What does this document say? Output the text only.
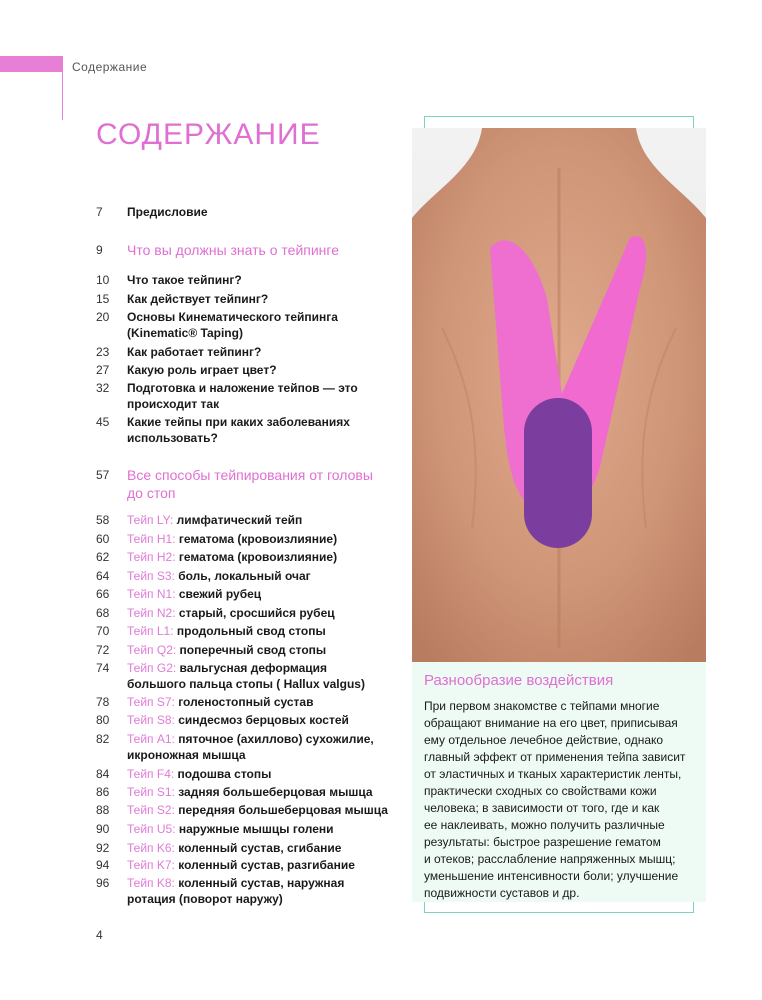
Содержание
СОДЕРЖАНИЕ
7	Предисловие
9	Что вы должны знать о тейпинге
10	Что такое тейпинг?
15	Как действует тейпинг?
20	Основы Кинематического тейпинга (Kinematic® Taping)
23	Как работает тейпинг?
27	Какую роль играет цвет?
32	Подготовка и наложение тейпов — это происходит так
45	Какие тейпы при каких заболеваниях использовать?
57	Все способы тейпирования от головы до стоп
58	Тейп LY: лимфатический тейп
60	Тейп H1: гематома (кровоизлияние)
62	Тейп H2: гематома (кровоизлияние)
64	Тейп S3: боль, локальный очаг
66	Тейп N1: свежий рубец
68	Тейп N2: старый, сросшийся рубец
70	Тейп L1: продольный свод стопы
72	Тейп Q2: поперечный свод стопы
74	Тейп G2: вальгусная деформация большого пальца стопы ( Hallux valgus)
78	Тейп S7: голеностопный сустав
80	Тейп S8: синдесмоз берцовых костей
82	Тейп A1: пяточное (ахиллово) сухожилие, икроножная мышца
84	Тейп F4: подошва стопы
86	Тейп S1: задняя большеберцовая мышца
88	Тейп S2: передняя большеберцовая мышца
90	Тейп U5: наружные мышцы голени
92	Тейп K6: коленный сустав, сгибание
94	Тейп K7: коленный сустав, разгибание
96	Тейп K8: коленный сустав, наружная ротация (поворот наружу)
Разнообразие воздействия
При первом знакомстве с тейпами многие
обращают внимание на его цвет, приписывая
ему отдельное лечебное действие, однако
главный эффект от применения тейпа зависит
от эластичных и тканых характеристик ленты,
практически сходных со свойствами кожи
человека; в зависимости от того, где и как
ее наклеивать, можно получить различные
результаты: быстрое разрешение гематом
и отеков; расслабление напряженных мышц;
уменьшение интенсивности боли; улучшение
подвижности суставов и др.
4
